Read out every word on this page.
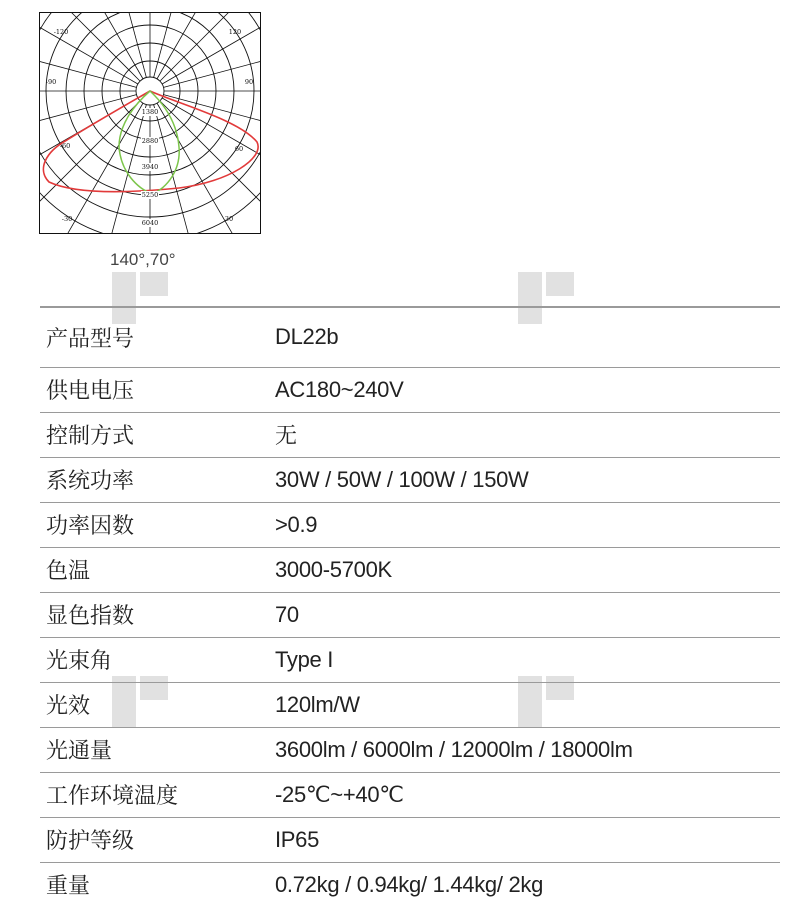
-120	120
-90	90
-60	60
-30	30
1380
2880
3940
5250
6040
140°,70°
产品型号	DL22b
供电电压	AC180~240V
控制方式	无
系统功率	30W / 50W / 100W / 150W
功率因数	>0.9
色温	3000-5700K
显色指数	70
光束角	Type I
光效	120lm/W
光通量	3600lm / 6000lm / 12000lm / 18000lm
工作环境温度	-25℃~+40℃
防护等级	IP65
重量	0.72kg / 0.94kg/ 1.44kg/ 2kg
